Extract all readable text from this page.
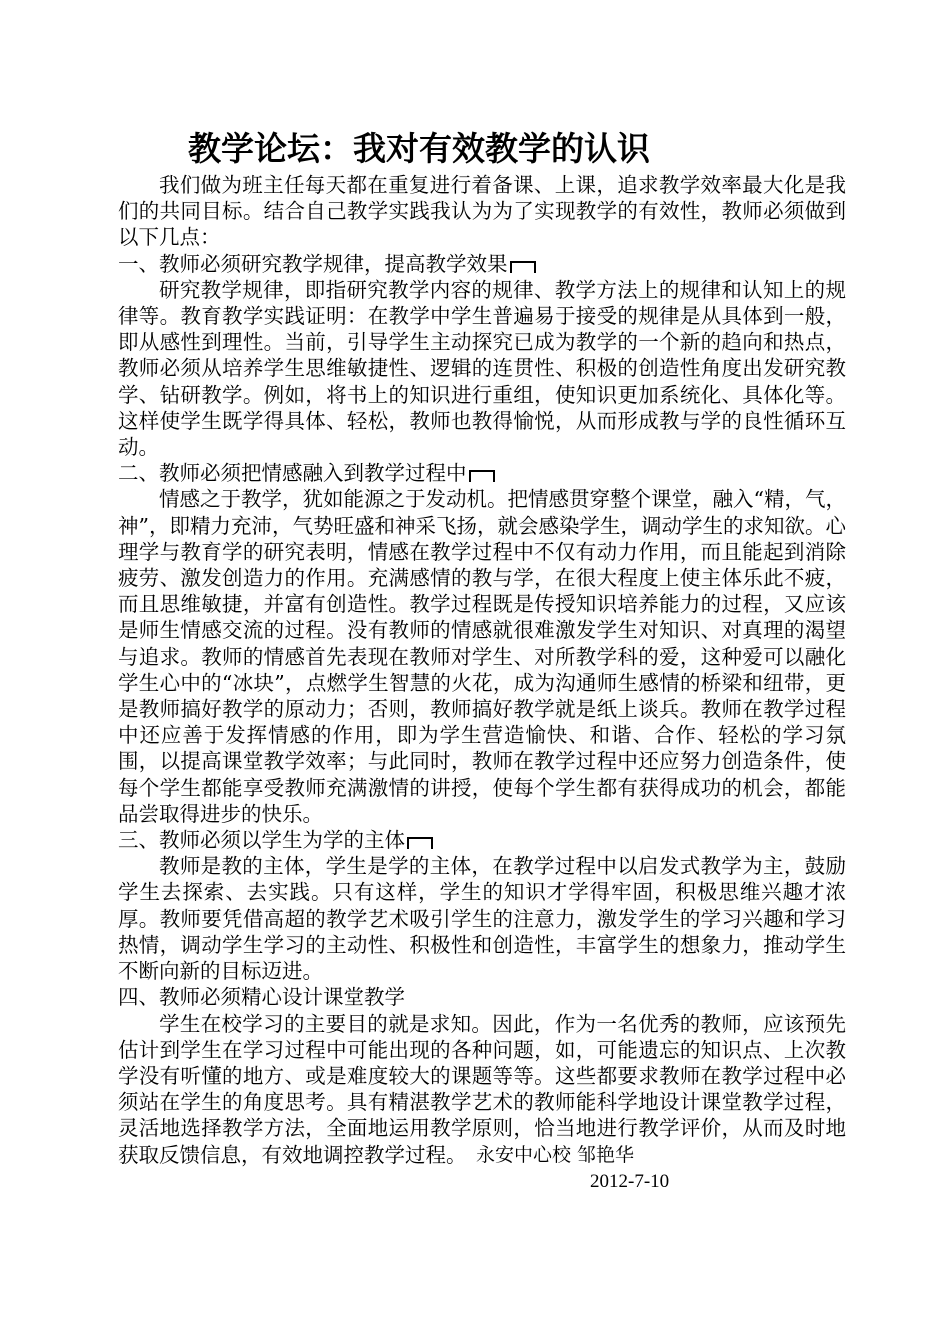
教学论坛：我对有效教学的认识

我们做为班主任每天都在重复进行着备课、上课，追求教学效率最大化是我们的共同目标。结合自己教学实践我认为为了实现教学的有效性，教师必须做到以下几点：

一、教师必须研究教学规律，提高教学效果

研究教学规律，即指研究教学内容的规律、教学方法上的规律和认知上的规律等。教育教学实践证明：在教学中学生普遍易于接受的规律是从具体到一般，即从感性到理性。当前，引导学生主动探究已成为教学的一个新的趋向和热点，教师必须从培养学生思维敏捷性、逻辑的连贯性、积极的创造性角度出发研究教学、钻研教学。例如，将书上的知识进行重组，使知识更加系统化、具体化等。这样使学生既学得具体、轻松，教师也教得愉悦，从而形成教与学的良性循环互动。

二、教师必须把情感融入到教学过程中

情感之于教学，犹如能源之于发动机。把情感贯穿整个课堂，融入“精，气，神”，即精力充沛，气势旺盛和神采飞扬，就会感染学生，调动学生的求知欲。心理学与教育学的研究表明，情感在教学过程中不仅有动力作用，而且能起到消除疲劳、激发创造力的作用。充满感情的教与学，在很大程度上使主体乐此不疲，而且思维敏捷，并富有创造性。教学过程既是传授知识培养能力的过程，又应该是师生情感交流的过程。没有教师的情感就很难激发学生对知识、对真理的渴望与追求。教师的情感首先表现在教师对学生、对所教学科的爱，这种爱可以融化学生心中的“冰块”，点燃学生智慧的火花，成为沟通师生感情的桥梁和纽带，更是教师搞好教学的原动力；否则，教师搞好教学就是纸上谈兵。教师在教学过程中还应善于发挥情感的作用，即为学生营造愉快、和谐、合作、轻松的学习氛围，以提高课堂教学效率；与此同时，教师在教学过程中还应努力创造条件，使每个学生都能享受教师充满激情的讲授，使每个学生都有获得成功的机会，都能品尝取得进步的快乐。

三、教师必须以学生为学的主体

教师是教的主体，学生是学的主体，在教学过程中以启发式教学为主，鼓励学生去探索、去实践。只有这样，学生的知识才学得牢固，积极思维兴趣才浓厚。教师要凭借高超的教学艺术吸引学生的注意力，激发学生的学习兴趣和学习热情，调动学生学习的主动性、积极性和创造性，丰富学生的想象力，推动学生不断向新的目标迈进。

四、教师必须精心设计课堂教学

学生在校学习的主要目的就是求知。因此，作为一名优秀的教师，应该预先估计到学生在学习过程中可能出现的各种问题，如，可能遗忘的知识点、上次教学没有听懂的地方、或是难度较大的课题等等。这些都要求教师在教学过程中必须站在学生的角度思考。具有精湛教学艺术的教师能科学地设计课堂教学过程，灵活地选择教学方法，全面地运用教学原则，恰当地进行教学评价，从而及时地获取反馈信息，有效地调控教学过程。 永安中心校 邹艳华
2012-7-10
